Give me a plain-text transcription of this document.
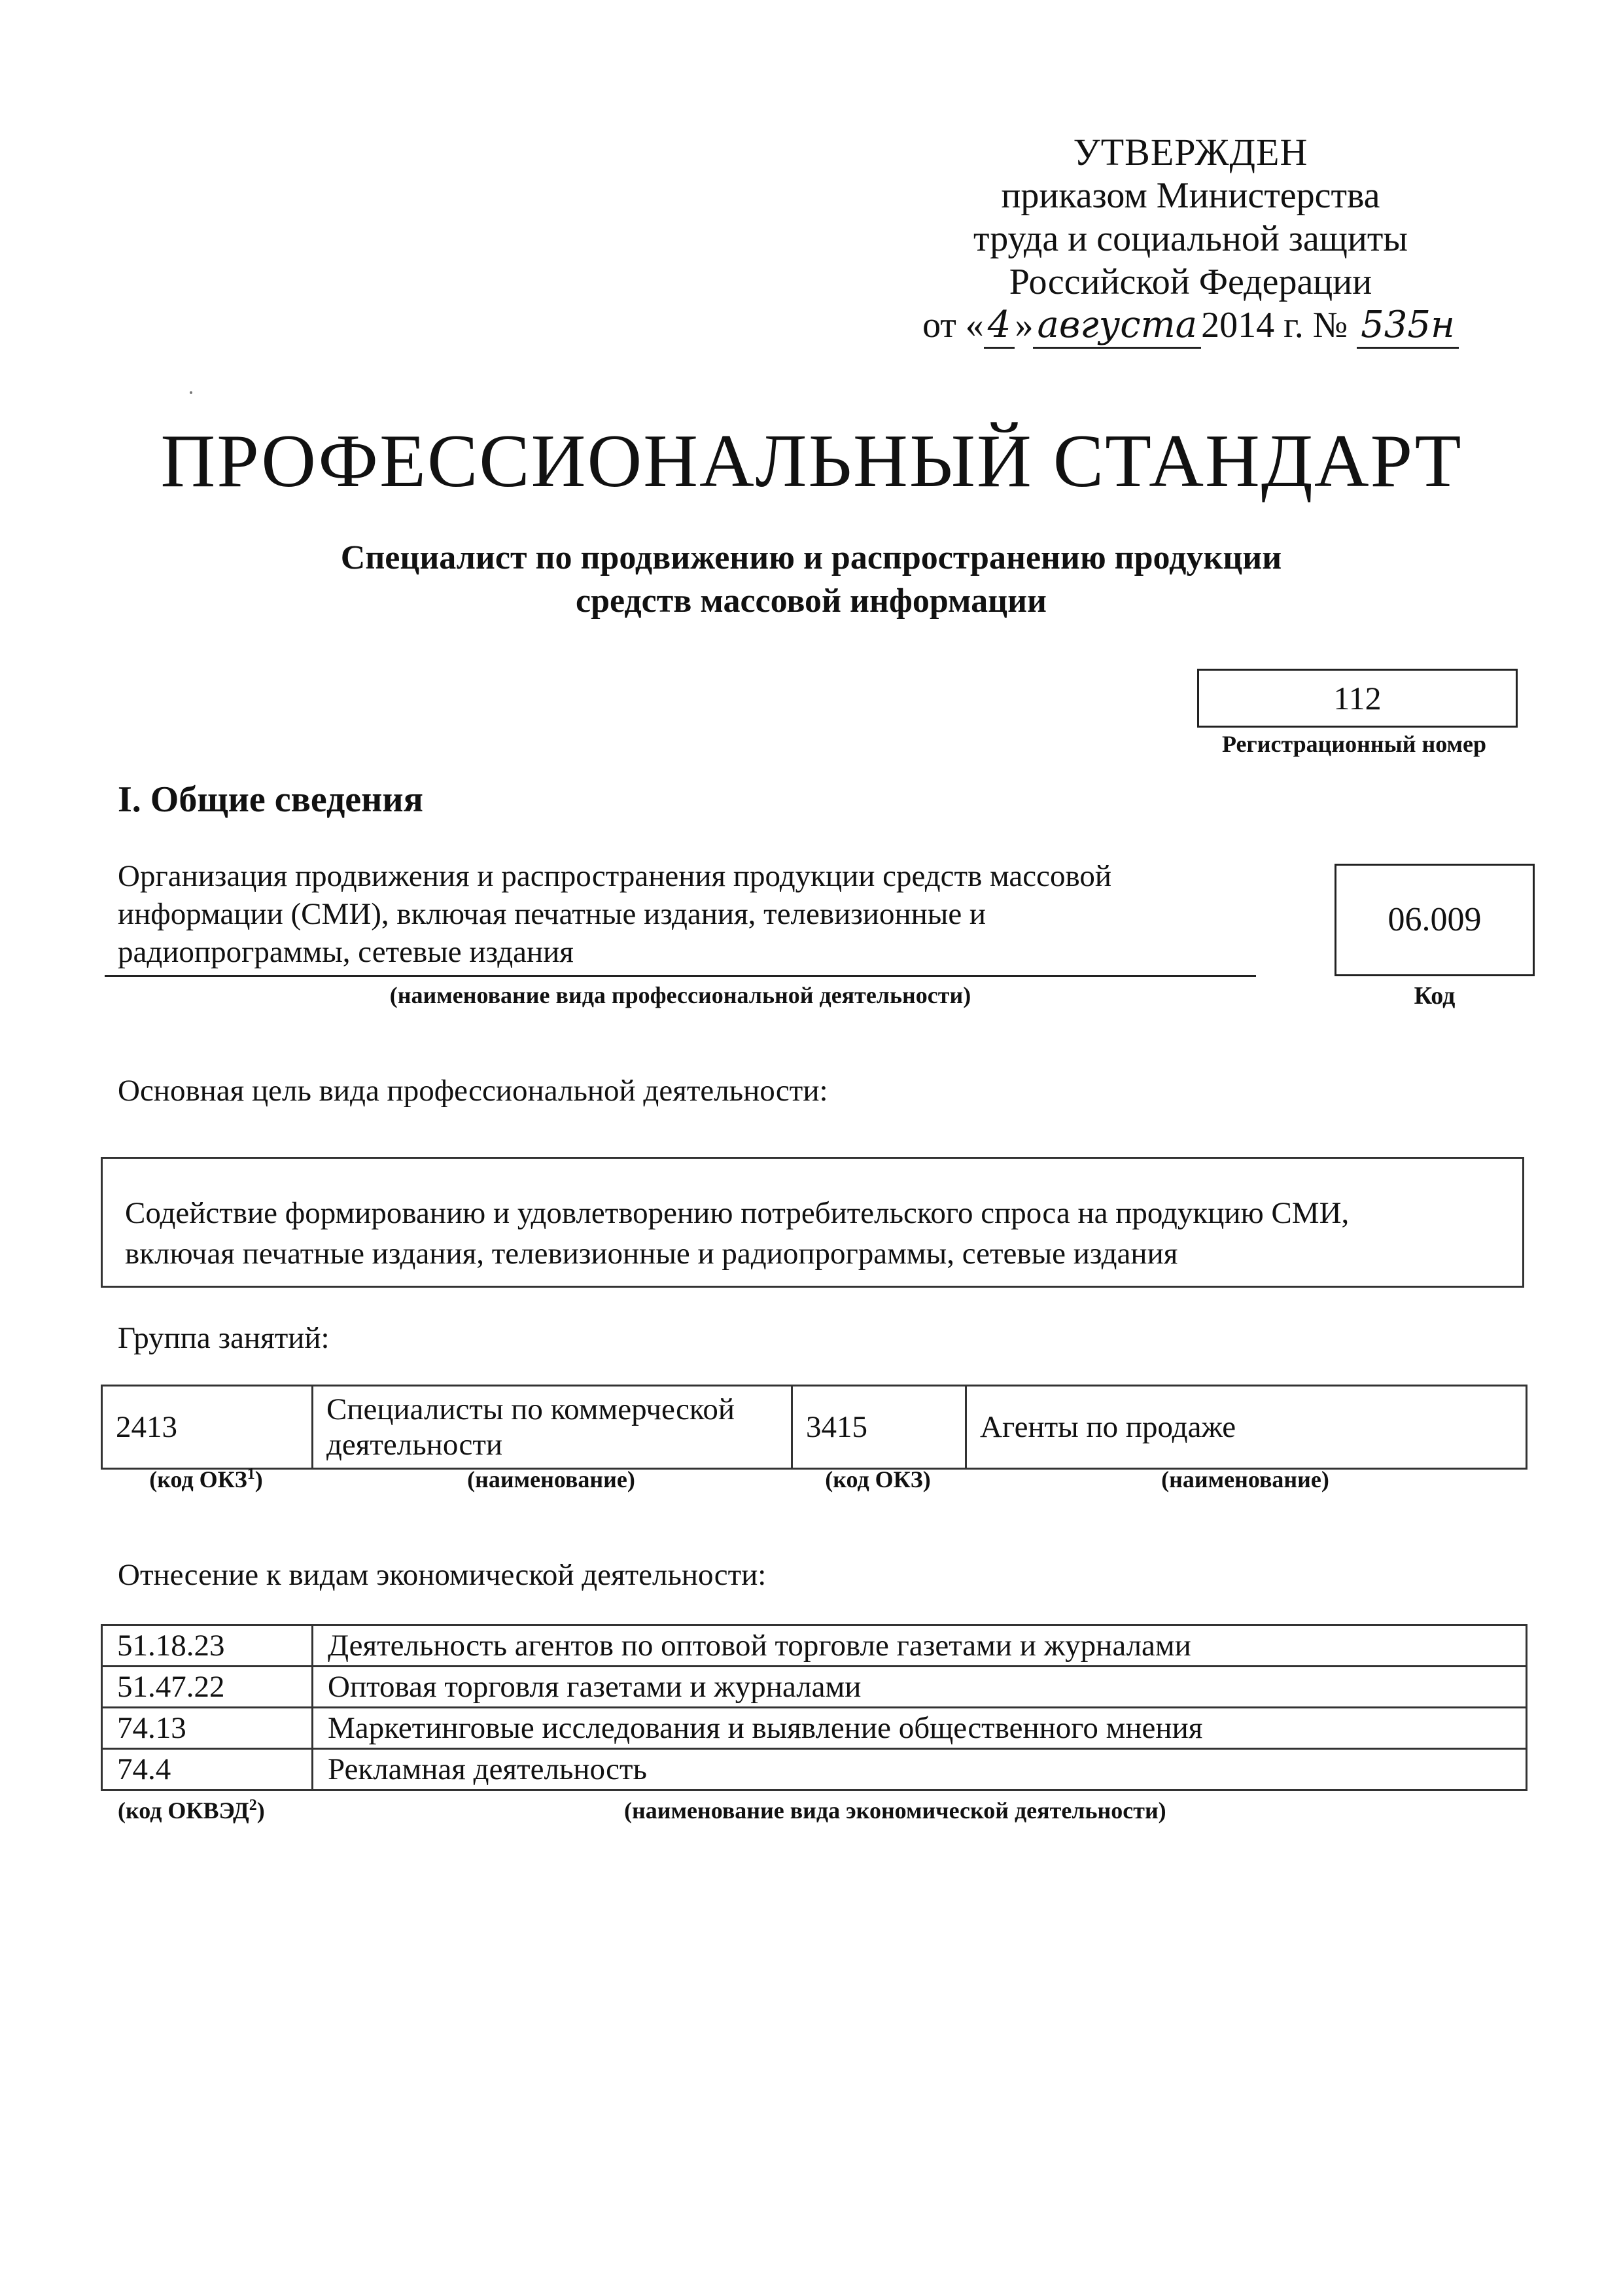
УТВЕРЖДЕН
приказом Министерства
труда и социальной защиты
Российской Федерации
от « 4 » августа 2014 г. № 535н
ПРОФЕССИОНАЛЬНЫЙ СТАНДАРТ
Специалист по продвижению и распространению продукции
средств массовой информации
112
Регистрационный номер
I. Общие сведения
Организация продвижения и распространения продукции средств массовой
информации (СМИ), включая печатные издания, телевизионные и
радиопрограммы, сетевые издания
(наименование вида профессиональной деятельности)
06.009
Код
Основная цель вида профессиональной деятельности:
Содействие формированию и удовлетворению потребительского спроса на продукцию СМИ,
включая печатные издания, телевизионные и радиопрограммы, сетевые издания
Группа занятий:
2413	Специалисты по коммерческой деятельности	3415	Агенты по продаже
(код ОКЗ$^1$)	(наименование)	(код ОКЗ)	(наименование)
Отнесение к видам экономической деятельности:
51.18.23	Деятельность агентов по оптовой торговле газетами и журналами
51.47.22	Оптовая торговля газетами и журналами
74.13	Маркетинговые исследования и выявление общественного мнения
74.4	Рекламная деятельность
(код ОКВЭД$^2$)	(наименование вида экономической деятельности)
